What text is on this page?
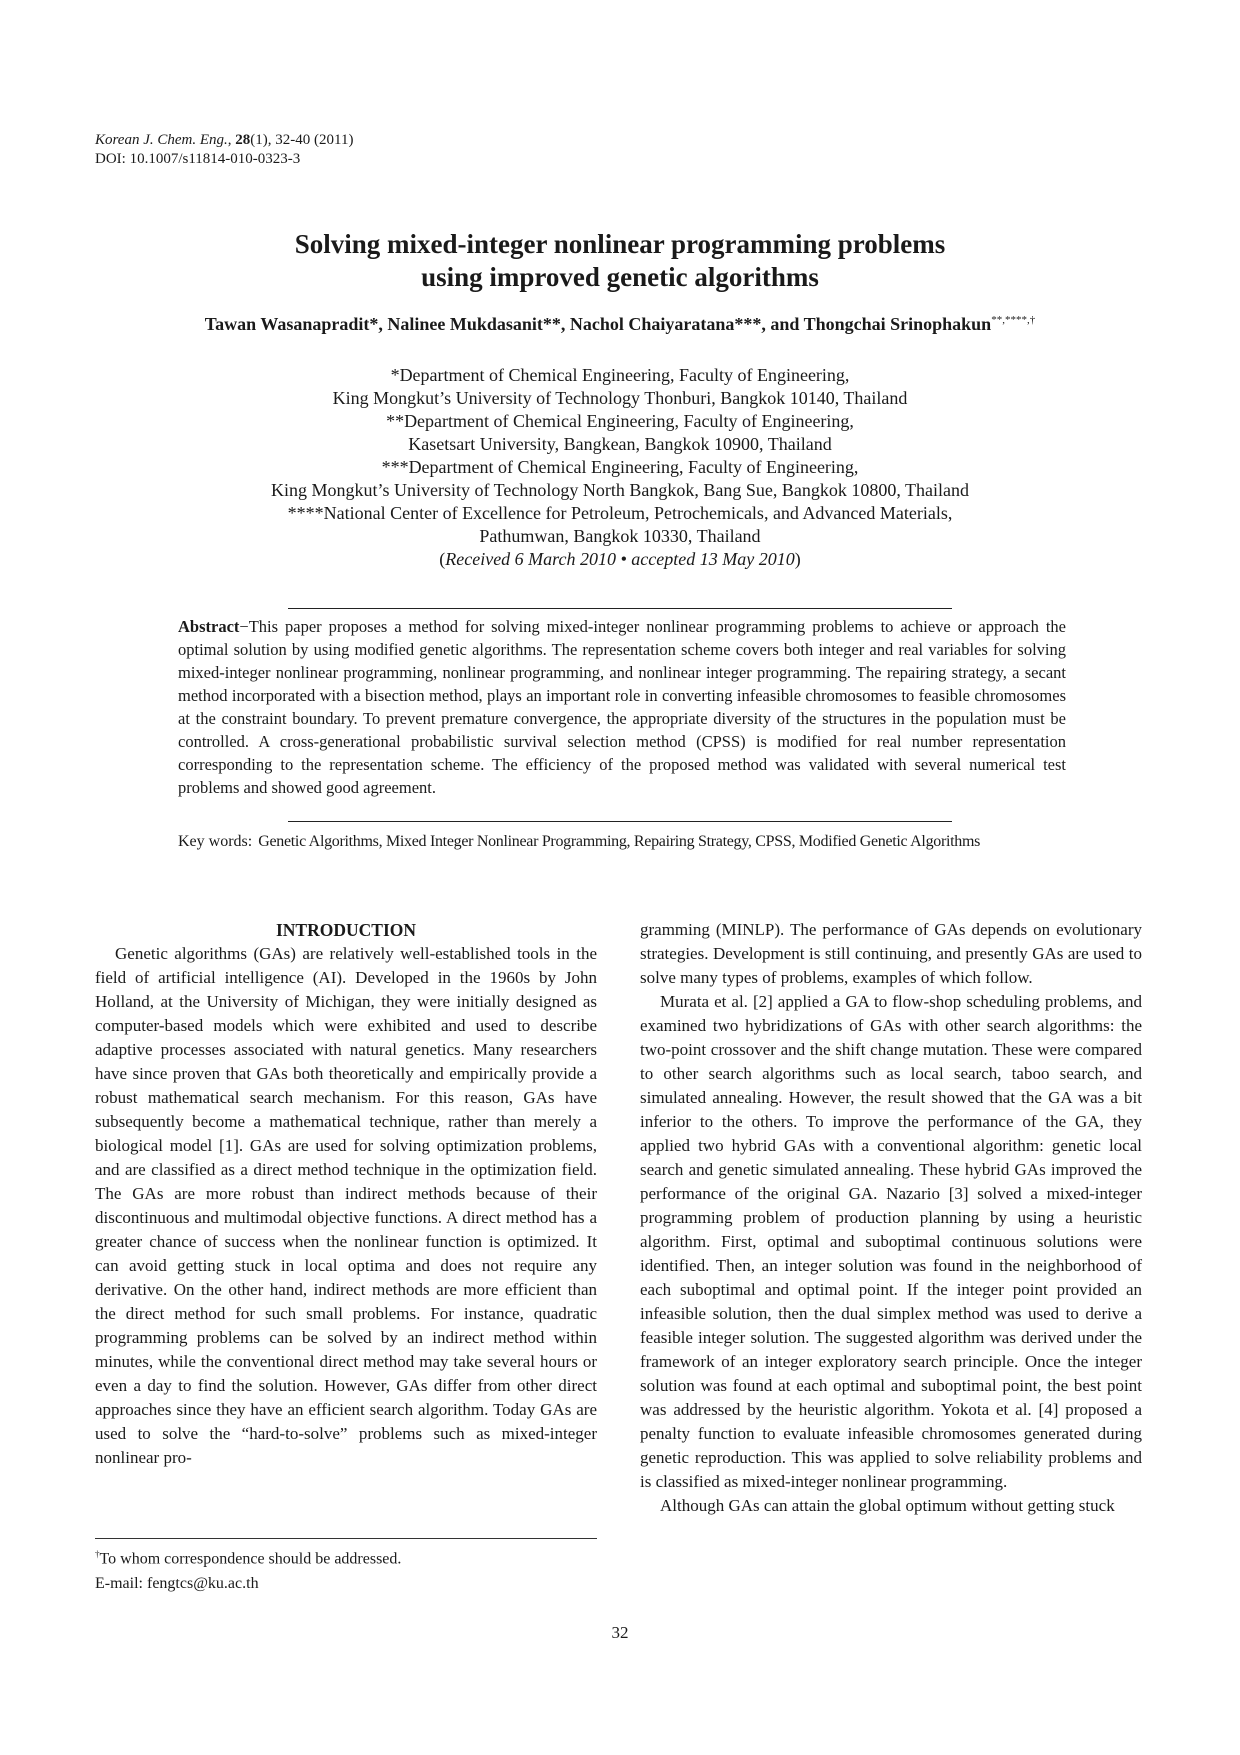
Korean J. Chem. Eng., 28(1), 32-40 (2011)
DOI: 10.1007/s11814-010-0323-3
Solving mixed-integer nonlinear programming problems
using improved genetic algorithms
Tawan Wasanapradit*, Nalinee Mukdasanit**, Nachol Chaiyaratana***, and Thongchai Srinophakun**,****,†
*Department of Chemical Engineering, Faculty of Engineering,
King Mongkut’s University of Technology Thonburi, Bangkok 10140, Thailand
**Department of Chemical Engineering, Faculty of Engineering,
Kasetsart University, Bangkean, Bangkok 10900, Thailand
***Department of Chemical Engineering, Faculty of Engineering,
King Mongkut’s University of Technology North Bangkok, Bang Sue, Bangkok 10800, Thailand
****National Center of Excellence for Petroleum, Petrochemicals, and Advanced Materials,
Pathumwan, Bangkok 10330, Thailand
(Received 6 March 2010 • accepted 13 May 2010)
Abstract−This paper proposes a method for solving mixed-integer nonlinear programming problems to achieve or approach the optimal solution by using modified genetic algorithms. The representation scheme covers both integer and real variables for solving mixed-integer nonlinear programming, nonlinear programming, and nonlinear integer programming. The repairing strategy, a secant method incorporated with a bisection method, plays an important role in converting infeasible chromosomes to feasible chromosomes at the constraint boundary. To prevent premature convergence, the appropriate diversity of the structures in the population must be controlled. A cross-generational probabilistic survival selection method (CPSS) is modified for real number representation corresponding to the representation scheme. The efficiency of the proposed method was validated with several numerical test problems and showed good agreement.
Key words: Genetic Algorithms, Mixed Integer Nonlinear Programming, Repairing Strategy, CPSS, Modified Genetic Algorithms

INTRODUCTION

Genetic algorithms (GAs) are relatively well-established tools in the field of artificial intelligence (AI). Developed in the 1960s by John Holland, at the University of Michigan, they were initially designed as computer-based models which were exhibited and used to describe adaptive processes associated with natural genetics. Many researchers have since proven that GAs both theoretically and empirically provide a robust mathematical search mechanism. For this reason, GAs have subsequently become a mathematical technique, rather than merely a biological model [1]. GAs are used for solving optimization problems, and are classified as a direct method technique in the optimization field. The GAs are more robust than indirect methods because of their discontinuous and multimodal objective functions. A direct method has a greater chance of success when the nonlinear function is optimized. It can avoid getting stuck in local optima and does not require any derivative. On the other hand, indirect methods are more efficient than the direct method for such small problems. For instance, quadratic programming problems can be solved by an indirect method within minutes, while the conventional direct method may take several hours or even a day to find the solution. However, GAs differ from other direct approaches since they have an efficient search algorithm. Today GAs are used to solve the “hard-to-solve” problems such as mixed-integer nonlinear pro-

gramming (MINLP). The performance of GAs depends on evolutionary strategies. Development is still continuing, and presently GAs are used to solve many types of problems, examples of which follow.

Murata et al. [2] applied a GA to flow-shop scheduling problems, and examined two hybridizations of GAs with other search algorithms: the two-point crossover and the shift change mutation. These were compared to other search algorithms such as local search, taboo search, and simulated annealing. However, the result showed that the GA was a bit inferior to the others. To improve the performance of the GA, they applied two hybrid GAs with a conventional algorithm: genetic local search and genetic simulated annealing. These hybrid GAs improved the performance of the original GA. Nazario [3] solved a mixed-integer programming problem of production planning by using a heuristic algorithm. First, optimal and suboptimal continuous solutions were identified. Then, an integer solution was found in the neighborhood of each suboptimal and optimal point. If the integer point provided an infeasible solution, then the dual simplex method was used to derive a feasible integer solution. The suggested algorithm was derived under the framework of an integer exploratory search principle. Once the integer solution was found at each optimal and suboptimal point, the best point was addressed by the heuristic algorithm. Yokota et al. [4] proposed a penalty function to evaluate infeasible chromosomes generated during genetic reproduction. This was applied to solve reliability problems and is classified as mixed-integer nonlinear programming.

Although GAs can attain the global optimum without getting stuck

†To whom correspondence should be addressed.
E-mail: fengtcs@ku.ac.th
32
